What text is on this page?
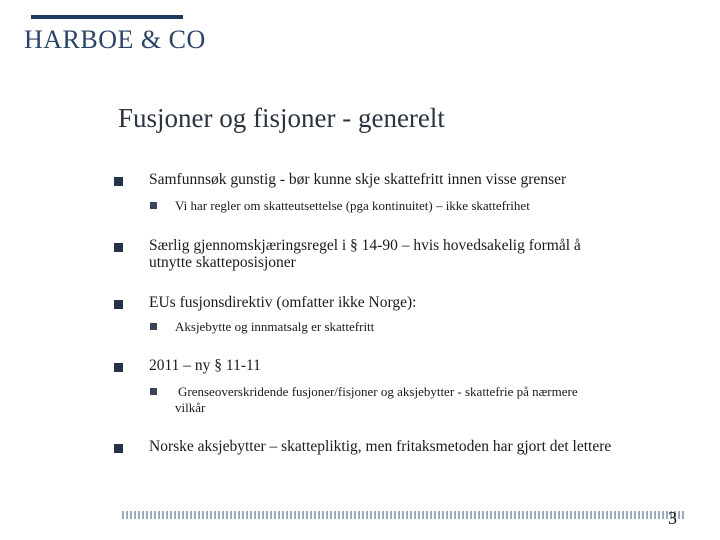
HARBOE & CO
Fusjoner og fisjoner - generelt
Samfunnsøk gunstig - bør kunne skje skattefritt innen visse grenser
Vi har regler om skatteutsettelse (pga kontinuitet) – ikke skattefrihet
Særlig gjennomskjæringsregel i § 14-90 – hvis hovedsakelig formål å
utnytte skatteposisjoner
EUs fusjonsdirektiv (omfatter ikke Norge):
Aksjebytte og innmatsalg er skattefritt
2011 – ny § 11-11
Grenseoverskridende fusjoner/fisjoner og aksjebytter - skattefrie på nærmere
vilkår
Norske aksjebytter – skattepliktig, men fritaksmetoden har gjort det lettere
3
